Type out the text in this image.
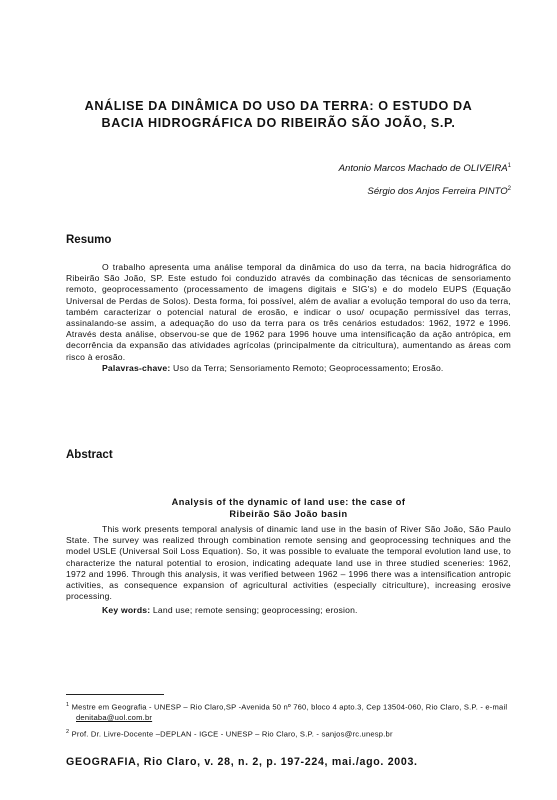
ANÁLISE DA DINÂMICA DO USO DA TERRA: O ESTUDO DA
BACIA HIDROGRÁFICA DO RIBEIRÃO SÃO JOÃO, S.P.
Antonio Marcos Machado de OLIVEIRA$^1$
Sérgio dos Anjos Ferreira PINTO$^2$
Resumo

O trabalho apresenta uma análise temporal da dinâmica do uso da terra, na bacia hidrográfica do Ribeirão São João, SP. Este estudo foi conduzido através da combinação das técnicas de sensoriamento remoto, geoprocessamento (processamento de imagens digitais e SIG's) e do modelo EUPS (Equação Universal de Perdas de Solos). Desta forma, foi possível, além de avaliar a evolução temporal do uso da terra, também caracterizar o potencial natural de erosão, e indicar o uso/ ocupação permissível das terras, assinalando-se assim, a adequação do uso da terra para os três cenários estudados: 1962, 1972 e 1996. Através desta análise, observou-se que de 1962 para 1996 houve uma intensificação da ação antrópica, em decorrência da expansão das atividades agrícolas (principalmente da citricultura), aumentando as áreas com risco à erosão.

Palavras-chave: Uso da Terra; Sensoriamento Remoto; Geoprocessamento; Erosão.

Abstract
Analysis of the dynamic of land use: the case of
Ribeirão São João basin

This work presents temporal analysis of dinamic land use in the basin of River São João, São Paulo State. The survey was realized through combination remote sensing and geoprocessing techniques and the model USLE (Universal Soil Loss Equation). So, it was possible to evaluate the temporal evolution land use, to characterize the natural potential to erosion, indicating adequate land use in three studied sceneries: 1962, 1972 and 1996. Through this analysis, it was verified between 1962 – 1996 there was a intensification antropic activities, as consequence expansion of agricultural activities (especially citriculture), increasing erosive processing.

Key words: Land use; remote sensing; geoprocessing; erosion.

$^1$ Mestre em Geografia - UNESP – Rio Claro,SP -Avenida 50 nº 760, bloco 4 apto.3, Cep 13504-060, Rio Claro, S.P. - e-mail denitaba@uol.com.br

$^2$ Prof. Dr. Livre-Docente –DEPLAN - IGCE - UNESP – Rio Claro, S.P. - sanjos@rc.unesp.br

GEOGRAFIA, Rio Claro, v. 28, n. 2, p. 197-224, mai./ago. 2003.
